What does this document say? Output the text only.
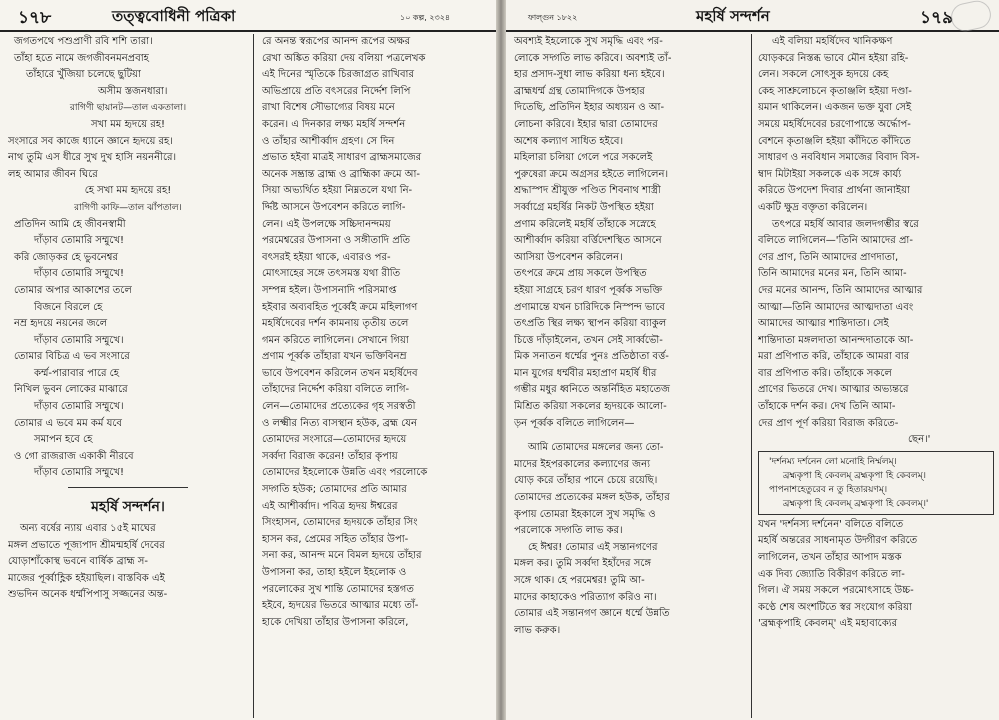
১৭৮	তত্ত্ববোধিনী পত্রিকা	১০ কল্প, ২৩২৪
জগতপথে পশুপ্রাণী রবি শশি তারা।
তাঁহা হতে নামে জগজীবনমনপ্রবাহ
তাঁহারে খুঁজিয়া চলেছে ছুটিয়া
অসীম স্তজনধারা।
রাগিণী ছায়ানট—তাল একতালা।
সখা মম হৃদয়ে রহ!
সংসারে সব কাজে ধ্যানে জ্ঞানে হৃদয়ে রহ।
নাথ তুমি এস ধীরে সুখ দুখ হাসি নয়ননীরে।
লহ আমার জীবন ঘিরে
হে সখা মম হৃদয়ে রহ!
রাগিণী কাফি—তাল ঝাঁপতাল।
প্রতিদিন আমি হে জীবনস্বামী
দাঁড়াব তোমারি সম্মুখে!
করি জোড়কর হে ভুবনেশ্বর
দাঁড়াব তোমারি সম্মুখে!
তোমার অপার আকাশের তলে
বিজনে বিরলে হে
নম্র হৃদয়ে নয়নের জলে
দাঁড়াব তোমারি সম্মুখে।
তোমার বিচিত্র এ ভব সংসারে
কর্ম্ম-পারাবার পারে হে
নিখিল ভুবন লোকের মাঝারে
দাঁড়াব তোমারি সম্মুখে।
তোমার এ ভবে মম কর্ম যবে
সমাপন হবে হে
ও গো রাজরাজ একাকী নীরবে
দাঁড়াব তোমারি সম্মুখে!
মহর্ষি সন্দর্শন।
অন্য বর্ষের ন্যায় এবার ১৫ই মাঘের
মঙ্গল প্রভাতে পূজ্যপাদ শ্রীমন্মহর্ষি দেবের
যোড়াশাঁকোস্থ ভবনে বার্ষিক ব্রাহ্ম স-
মাজের পূর্ব্বাহ্ণিক হইয়াছিল। বাস্তবিক এই
শুভদিন অনেক ধর্ম্মপিপাসু সজ্জনের অন্ত-
রে অনন্ত স্বরূপের আনন্দ রূপের অক্ষর
রেখা অঙ্কিত করিয়া দেয় বলিয়া পত্রলেখক
এই দিনের স্মৃতিকে চিরজাগ্রত রাখিবার
অভিপ্রায়ে প্রতি বৎসরের নির্দ্দেশ লিপি
রাখা বিশেষ সৌভাগ্যের বিষয় মনে
করেন। এ দিনকার লক্ষ্য মহর্ষি সন্দর্শন
ও তাঁহার আশীর্ব্বাদ গ্রহণ। সে দিন
প্রভাত হইবা মাত্রই সাধারণ ব্রাহ্মসমাজের
অনেক সম্ভ্রান্ত ব্রাহ্ম ও ব্রাহ্মিকা ক্রমে আ-
সিয়া অভ্যর্থিত হইয়া নিম্নতলে যথা নি-
র্দ্দিষ্ট আসনে উপবেশন করিতে লাগি-
লেন। এই উপলক্ষে সচ্চিদানন্দময়
পরমেশ্বরের উপাসনা ও সঙ্গীতাদি প্রতি
বৎসরই হইয়া থাকে, এবারও পর-
মোৎসাহের সঙ্গে তৎসমস্ত যথা রীতি
সম্পন্ন হইল। উপাসনাদি পরিসমাপ্ত
হইবার অব্যবহিত পূর্ব্বেই ক্রমে মহিলাগণ
মহর্ষিদেবের দর্শন কামনায় তৃতীয় তলে
গমন করিতে লাগিলেন। সেখানে গিয়া
প্রণাম পূর্ব্বক তাঁহারা যখন ভক্তিবিনম্র
ভাবে উপবেশন করিলেন তখন মহর্ষিদেব
তাঁহাদের নির্দ্দেশ করিয়া বলিতে লাগি-
লেন—তোমাদের প্রত্যেকের গৃহ সরস্বতী
ও লক্ষ্মীর নিত্য বাসস্থান হউক, ব্রহ্ম যেন
তোমাদের সংসারে—তোমাদের হৃদয়ে
সর্ব্বদা বিরাজ করেন! তাঁহার কৃপায়
তোমাদের ইহলোকে উন্নতি এবং পরলোকে
সদ্গতি হউক; তোমাদের প্রতি আমার
এই আশীর্ব্বাদ। পবিত্র হৃদয় ঈশ্বরের
সিংহাসন, তোমাদের হৃদয়কে তাঁহার সিং
হাসন কর, প্রেমের সহিত তাঁহার উপা-
সনা কর, আনন্দ মনে বিমল হৃদয়ে তাঁহার
উপাসনা কর, তাহা হইলে ইহলোক ও
পরলোকের সুখ শান্তি তোমাদের হস্তগত
হইবে, হৃদয়ের ভিতরে আত্মার মধ্যে তাঁ-
হাকে দেখিয়া তাঁহার উপাসনা করিলে,
ফাল্গুন ১৮২২	মহর্ষি সন্দর্শন	১৭৯
অবশ্যই ইহলোকে সুখ সমৃদ্ধি এবং পর-
লোকে সদ্গতি লাভ করিবে। অবশ্যই তাঁ-
হার প্রসাদ-সুধা লাভ করিয়া ধন্য হইবে।
ব্রাহ্মধর্ম্ম গ্রন্থ তোমাদিগকে উপহার
দিতেছি, প্রতিদিন ইহার অধ্যয়ন ও আ-
লোচনা করিবে। ইহার দ্বারা তোমাদের
অশেষ কল্যাণ সাধিত হইবে।
মহিলারা চলিয়া গেলে পরে সকলেই
পুরুষেরা ক্রমে অগ্রসর হইতে লাগিলেন।
শ্রদ্ধাস্পদ শ্রীযুক্ত পণ্ডিত শিবনাথ শাস্ত্রী
সর্ব্বাগ্রে মহর্ষির নিকট উপস্থিত হইয়া
প্রণাম করিলেই মহর্ষি তাঁহাকে সস্নেহে
আশীর্ব্বাদ করিয়া বর্ত্তিদেশস্থিত আসনে
আসিয়া উপবেশন করিলেন।
তৎপরে ক্রমে প্রায় সকলে উপস্থিত
হইয়া সাগ্রহে চরণ ধারণ পূর্ব্বক সভক্তি
প্রণামান্তে যখন চারিদিকে নিস্পন্দ ভাবে
তৎপ্রতি স্থির লক্ষ্য স্থাপন করিয়া ব্যাকুল
চিত্তে দাঁড়াইলেন, তখন সেই সার্ব্বভৌ-
মিক সনাতন ধর্ম্মের পুনঃ প্রতিষ্ঠাতা বর্ত্ত-
মান যুগের ধর্ম্মবীর মহাপ্রাণ মহর্ষি ধীর
গম্ভীর মধুর ধ্বনিতে অন্তর্নিহিত মহাতেজ
মিশ্রিত করিয়া সকলের হৃদয়কে আলো-
ড়ন পূর্ব্বক বলিতে লাগিলেন—
আমি তোমাদের মঙ্গলের জন্য তো-
মাদের ইহপরকালের কল্যাণের জন্য
যোড় করে তাঁহার পানে চেয়ে রয়েছি।
তোমাদের প্রত্যেকের মঙ্গল হউক, তাঁহার
কৃপায় তোমরা ইহকালে সুখ সমৃদ্ধি ও
পরলোকে সদ্গতি লাভ কর।
হে ঈশ্বর! তোমার এই সন্তানগণের
মঙ্গল কর। তুমি সর্ব্বদা ইহাঁদের সঙ্গে
সঙ্গে থাক। হে পরমেশ্বর! তুমি আ-
মাদের কাহাকেও পরিত্যাগ করিও না।
তোমার এই সন্তানগণ জ্ঞানে ধর্ম্মে উন্নতি
লাভ করুক।
এই বলিয়া মহর্ষিদেব খানিকক্ষণ
যোড়করে নিস্তব্ধ ভাবে মৌন হইয়া রহি-
লেন। সকলে সোৎসুক হৃদয়ে কেহ
কেহ সাশ্রুলোচনে কৃতাঞ্জলি হইয়া দণ্ডা-
য়মান থাকিলেন। একজন ভক্ত যুবা সেই
সময়ে মহর্ষিদেবের চরণোপান্তে অর্দ্ধোপ-
বেশনে কৃতাঞ্জলি হইয়া কাঁদিতে কাঁদিতে
সাধারণ ও নববিধান সমাজের বিবাদ বিস-
ম্বাদ মিটাইয়া সকলকে এক সঙ্গে কার্য্য
করিতে উপদেশ দিবার প্রার্থনা জানাইয়া
একটি ক্ষুদ্র বক্তৃতা করিলেন।
তৎপরে মহর্ষি আবার জলদগম্ভীর স্বরে
বলিতে লাগিলেন—'তিনি আমাদের প্রা-
ণের প্রাণ, তিনি আমাদের প্রাণদাতা,
তিনি আমাদের মনের মন, তিনি আমা-
দের মনের আনন্দ, তিনি আমাদের আত্মার
আত্মা—তিনি আমাদের আত্মদাতা এবং
আমাদের আত্মার শান্তিদাতা। সেই
শান্তিদাতা মঙ্গলদাতা আনন্দদাতাকে আ-
মরা প্রণিপাত করি, তাঁহাকে আমরা বার
বার প্রণিপাত করি। তাঁহাকে সকলে
প্রাণের ভিতরে দেখ। আত্মার অভ্যন্তরে
তাঁহাকে দর্শন কর। দেখ তিনি আমা-
দের প্রাণ পূর্ণ করিয়া বিরাজ করিতে-
ছেন।'
'দর্শনম্য দর্শনেন লো মনোহি নির্ম্মলম্।
ব্রহ্মকৃপা হি কেবলম্ ব্রহ্মকৃপা হি কেবলম্।
পাপনাশহেতুরেব ন তু হিতারয়ণম্।
ব্রহ্মকৃপা হি কেবলম্ ব্রহ্মকৃপা হি কেবলম্।'
যখন 'দর্শনস্য দর্শনেন' বলিতে বলিতে
মহর্ষি অন্তরের সাধনামৃত উদ্গীরণ করিতে
লাগিলেন, তখন তাঁহার আপাদ মস্তক
এক দিব্য জ্যোতি বিকীরণ করিতে লা-
গিল। ঐ সময় সকলে পরমোৎসাহে উচ্চ-
কণ্ঠে শেষ অংশটিতে স্বর সংযোগ করিয়া
'ব্রহ্মকৃপাহি কেবলম্' এই মহাবাক্যের
